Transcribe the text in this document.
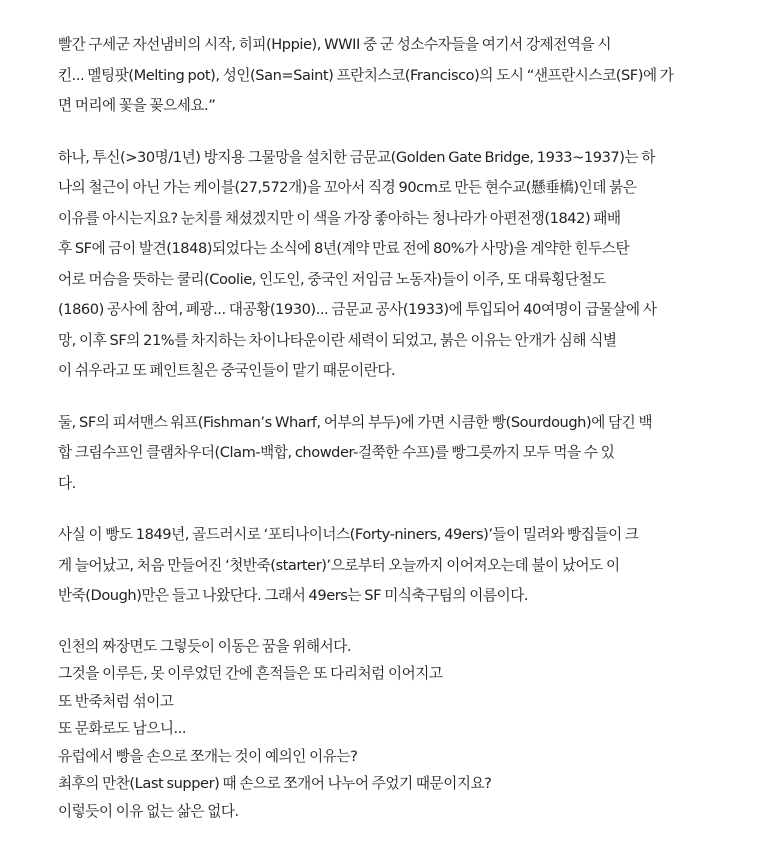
빨간 구세군 자선냄비의 시작, 히피(Hppie), WWII 중 군 성소수자들을 여기서 강제전역을 시
킨... 멜팅팟(Melting pot), 성인(San=Saint) 프란치스코(Francisco)의 도시 “샌프란시스코(SF)에 가
면 머리에 꽃을 꽂으세요.”

하나, 투신(>30명/1년) 방지용 그물망을 설치한 금문교(Golden Gate Bridge, 1933~1937)는 하
나의 철근이 아닌 가는 케이블(27,572개)을 꼬아서 직경 90cm로 만든 현수교(懸垂橋)인데 붉은
이유를 아시는지요? 눈치를 채셨겠지만 이 색을 가장 좋아하는 청나라가 아편전쟁(1842) 패배
후 SF에 금이 발견(1848)되었다는 소식에 8년(계약 만료 전에 80%가 사망)을 계약한 힌두스탄
어로 머슴을 뜻하는 쿨리(Coolie, 인도인, 중국인 저임금 노동자)들이 이주, 또 대륙횡단철도
(1860) 공사에 참여, 폐광... 대공황(1930)... 금문교 공사(1933)에 투입되어 40여명이 급물살에 사
망, 이후 SF의 21%를 차지하는 차이나타운이란 세력이 되었고, 붉은 이유는 안개가 심해 식별
이 쉬우라고 또 페인트칠은 중국인들이 맡기 때문이란다.

둘, SF의 피셔맨스 워프(Fishman’s Wharf, 어부의 부두)에 가면 시큼한 빵(Sourdough)에 담긴 백
합 크림수프인 클램차우더(Clam-백합, chowder-걸쭉한 수프)를 빵그릇까지 모두 먹을 수 있
다.

사실 이 빵도 1849년, 골드러시로 ‘포티나이너스(Forty-niners, 49ers)’들이 밀려와 빵집들이 크
게 늘어났고, 처음 만들어진 ‘첫반죽(starter)’으로부터 오늘까지 이어져오는데 불이 났어도 이
반죽(Dough)만은 들고 나왔단다. 그래서 49ers는 SF 미식축구팀의 이름이다.

인천의 짜장면도 그렇듯이 이동은 꿈을 위해서다.
그것을 이루든, 못 이루었던 간에 흔적들은 또 다리처럼 이어지고
또 반죽처럼 섞이고
또 문화로도 남으니...
유럽에서 빵을 손으로 쪼개는 것이 예의인 이유는?
최후의 만찬(Last supper) 때 손으로 쪼개어 나누어 주었기 때문이지요?
이렇듯이 이유 없는 삶은 없다.
